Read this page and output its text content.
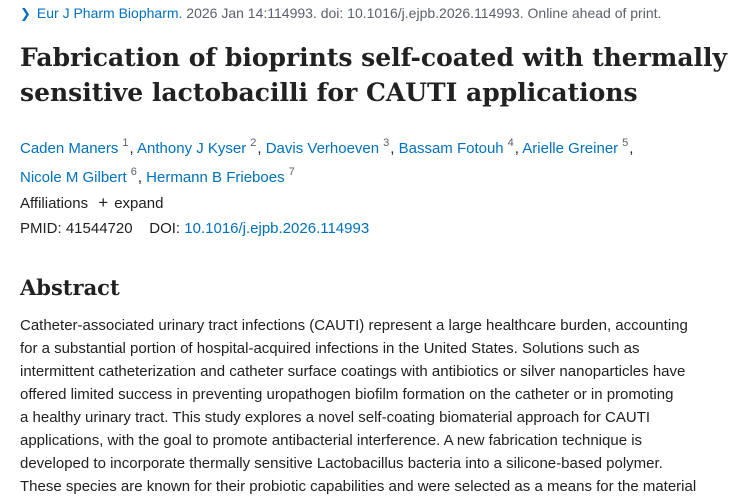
❯ Eur J Pharm Biopharm. 2026 Jan 14:114993. doi: 10.1016/j.ejpb.2026.114993. Online ahead of print.
Fabrication of bioprints self-coated with thermally
sensitive lactobacilli for CAUTI applications
Caden Maners $^1$, Anthony J Kyser $^2$, Davis Verhoeven $^3$, Bassam Fotouh $^4$, Arielle Greiner $^5$,
Nicole M Gilbert $^6$, Hermann B Frieboes $^7$
Affiliations + expand
PMID: 41544720 DOI: 10.1016/j.ejpb.2026.114993
Abstract

Catheter-associated urinary tract infections (CAUTI) represent a large healthcare burden, accounting
for a substantial portion of hospital-acquired infections in the United States. Solutions such as
intermittent catheterization and catheter surface coatings with antibiotics or silver nanoparticles have
offered limited success in preventing uropathogen biofilm formation on the catheter or in promoting
a healthy urinary tract. This study explores a novel self-coating biomaterial approach for CAUTI
applications, with the goal to promote antibacterial interference. A new fabrication technique is
developed to incorporate thermally sensitive Lactobacillus bacteria into a silicone-based polymer.
These species are known for their probiotic capabilities and were selected as a means for the material
